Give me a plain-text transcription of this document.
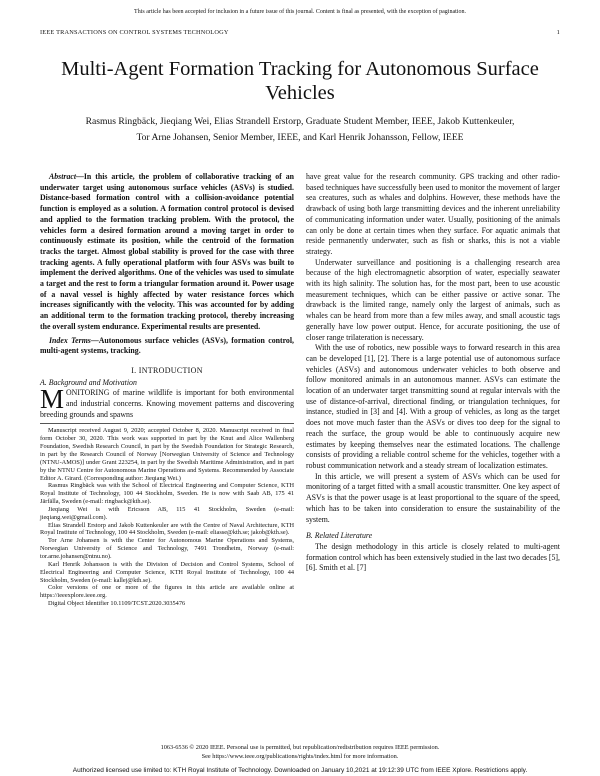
This article has been accepted for inclusion in a future issue of this journal. Content is final as presented, with the exception of pagination.
IEEE TRANSACTIONS ON CONTROL SYSTEMS TECHNOLOGY	1
Multi-Agent Formation Tracking for Autonomous Surface Vehicles
Rasmus Ringbäck, Jieqiang Wei, Elias Strandell Erstorp, Graduate Student Member, IEEE, Jakob Kuttenkeuler,
Tor Arne Johansen, Senior Member, IEEE, and Karl Henrik Johansson, Fellow, IEEE

Abstract—In this article, the problem of collaborative tracking of an underwater target using autonomous surface vehicles (ASVs) is studied. Distance-based formation control with a collision-avoidance potential function is employed as a solution. A formation control protocol is devised and applied to the formation tracking problem. With the protocol, the vehicles form a desired formation around a moving target in order to continuously estimate its position, while the centroid of the formation tracks the target. Almost global stability is proved for the case with three tracking agents. A fully operational platform with four ASVs was built to implement the derived algorithms. One of the vehicles was used to simulate a target and the rest to form a triangular formation around it. Power usage of a naval vessel is highly affected by water resistance forces which increases significantly with the velocity. This was accounted for by adding an additional term to the formation tracking protocol, thereby increasing the overall system endurance. Experimental results are presented.

Index Terms—Autonomous surface vehicles (ASVs), formation control, multi-agent systems, tracking.

I. INTRODUCTION

A. Background and Motivation

MONITORING of marine wildlife is important for both environmental and industrial concerns. Knowing movement patterns and discovering breeding grounds and spawns

Manuscript received August 9, 2020; accepted October 8, 2020. Manuscript received in final form October 30, 2020. This work was supported in part by the Knut and Alice Wallenberg Foundation, Swedish Research Council, in part by the Swedish Foundation for Strategic Research, in part by the Research Council of Norway [Norwegian University of Science and Technology (NTNU-AMOS)] under Grant 223254, in part by the Swedish Maritime Administration, and in part by the NTNU Centre for Autonomous Marine Operations and Systems. Recommended by Associate Editor A. Girard. (Corresponding author: Jieqiang Wei.)

Rasmus Ringbäck was with the School of Electrical Engineering and Computer Science, KTH Royal Institute of Technology, 100 44 Stockholm, Sweden. He is now with Saab AB, 175 41 Järfälla, Sweden (e-mail: ringback@kth.se).

Jieqiang Wei is with Ericsson AB, 115 41 Stockholm, Sweden (e-mail: jieqiang.wei@gmail.com).

Elias Strandell Erstorp and Jakob Kuttenkeuler are with the Centre of Naval Architecture, KTH Royal Institute of Technology, 100 44 Stockholm, Sweden (e-mail: eliasse@kth.se; jakob@kth.se).

Tor Arne Johansen is with the Center for Autonomous Marine Operations and Systems, Norwegian University of Science and Technology, 7491 Trondheim, Norway (e-mail: tor.arne.johansen@ntnu.no).

Karl Henrik Johansson is with the Division of Decision and Control Systems, School of Electrical Engineering and Computer Science, KTH Royal Institute of Technology, 100 44 Stockholm, Sweden (e-mail: kallej@kth.se).

Color versions of one or more of the figures in this article are available online at https://ieeexplore.ieee.org.

Digital Object Identifier 10.1109/TCST.2020.3035476

have great value for the research community. GPS tracking and other radio-based techniques have successfully been used to monitor the movement of larger sea creatures, such as whales and dolphins. However, these methods have the drawback of using both large transmitting devices and the inherent unreliability of communicating information under water. Usually, positioning of the animals can only be done at certain times when they surface. For aquatic animals that reside permanently underwater, such as fish or sharks, this is not a viable strategy.

Underwater surveillance and positioning is a challenging research area because of the high electromagnetic absorption of water, especially seawater with its high salinity. The solution has, for the most part, been to use acoustic measurement techniques, which can be either passive or active sonar. The drawback is the limited range, namely only the largest of animals, such as whales can be heard from more than a few miles away, and small acoustic tags generally have low power output. Hence, for accurate positioning, the use of closer range trilateration is necessary.

With the use of robotics, new possible ways to forward research in this area can be developed [1], [2]. There is a large potential use of autonomous surface vehicles (ASVs) and autonomous underwater vehicles to both observe and follow monitored animals in an autonomous manner. ASVs can estimate the location of an underwater target transmitting sound at regular intervals with the use of distance-of-arrival, directional finding, or triangulation techniques, for instance, studied in [3] and [4]. With a group of vehicles, as long as the target does not move much faster than the ASVs or dives too deep for the signal to reach the surface, the group would be able to continuously acquire new estimates by keeping themselves near the estimated locations. The challenge consists of providing a reliable control scheme for the vehicles, together with a robust communication network and a steady stream of localization estimates.

In this article, we will present a system of ASVs which can be used for monitoring of a target fitted with a small acoustic transmitter. One key aspect of ASVs is that the power usage is at least proportional to the square of the speed, which has to be taken into consideration to ensure the sustainability of the system.

B. Related Literature

The design methodology in this article is closely related to multi-agent formation control which has been extensively studied in the last two decades [5], [6]. Smith et al. [7]

1063-6536 © 2020 IEEE. Personal use is permitted, but republication/redistribution requires IEEE permission.
See https://www.ieee.org/publications/rights/index.html for more information.
Authorized licensed use limited to: KTH Royal Institute of Technology. Downloaded on January 10,2021 at 19:12:39 UTC from IEEE Xplore. Restrictions apply.
